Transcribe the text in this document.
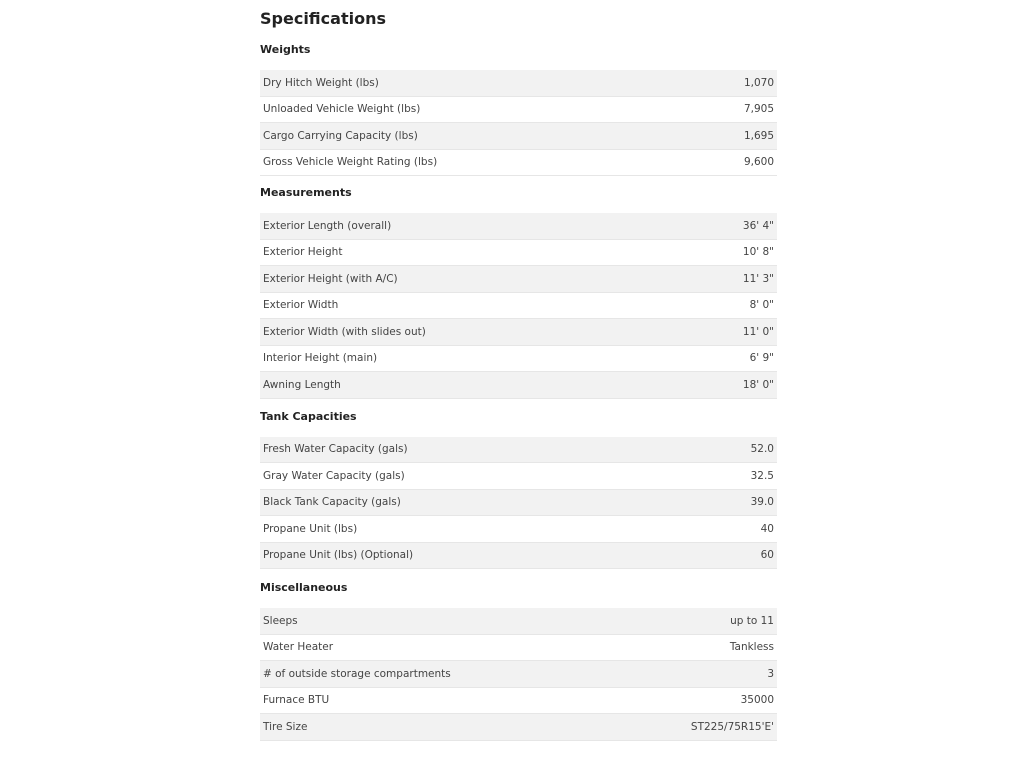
Specifications
Weights
Dry Hitch Weight (lbs)	1,070
Unloaded Vehicle Weight (lbs)	7,905
Cargo Carrying Capacity (lbs)	1,695
Gross Vehicle Weight Rating (lbs)	9,600
Measurements
Exterior Length (overall)	36' 4"
Exterior Height	10' 8"
Exterior Height (with A/C)	11' 3"
Exterior Width	8' 0"
Exterior Width (with slides out)	11' 0"
Interior Height (main)	6' 9"
Awning Length	18' 0"
Tank Capacities
Fresh Water Capacity (gals)	52.0
Gray Water Capacity (gals)	32.5
Black Tank Capacity (gals)	39.0
Propane Unit (lbs)	40
Propane Unit (lbs) (Optional)	60
Miscellaneous
Sleeps	up to 11
Water Heater	Tankless
# of outside storage compartments	3
Furnace BTU	35000
Tire Size	ST225/75R15'E'
